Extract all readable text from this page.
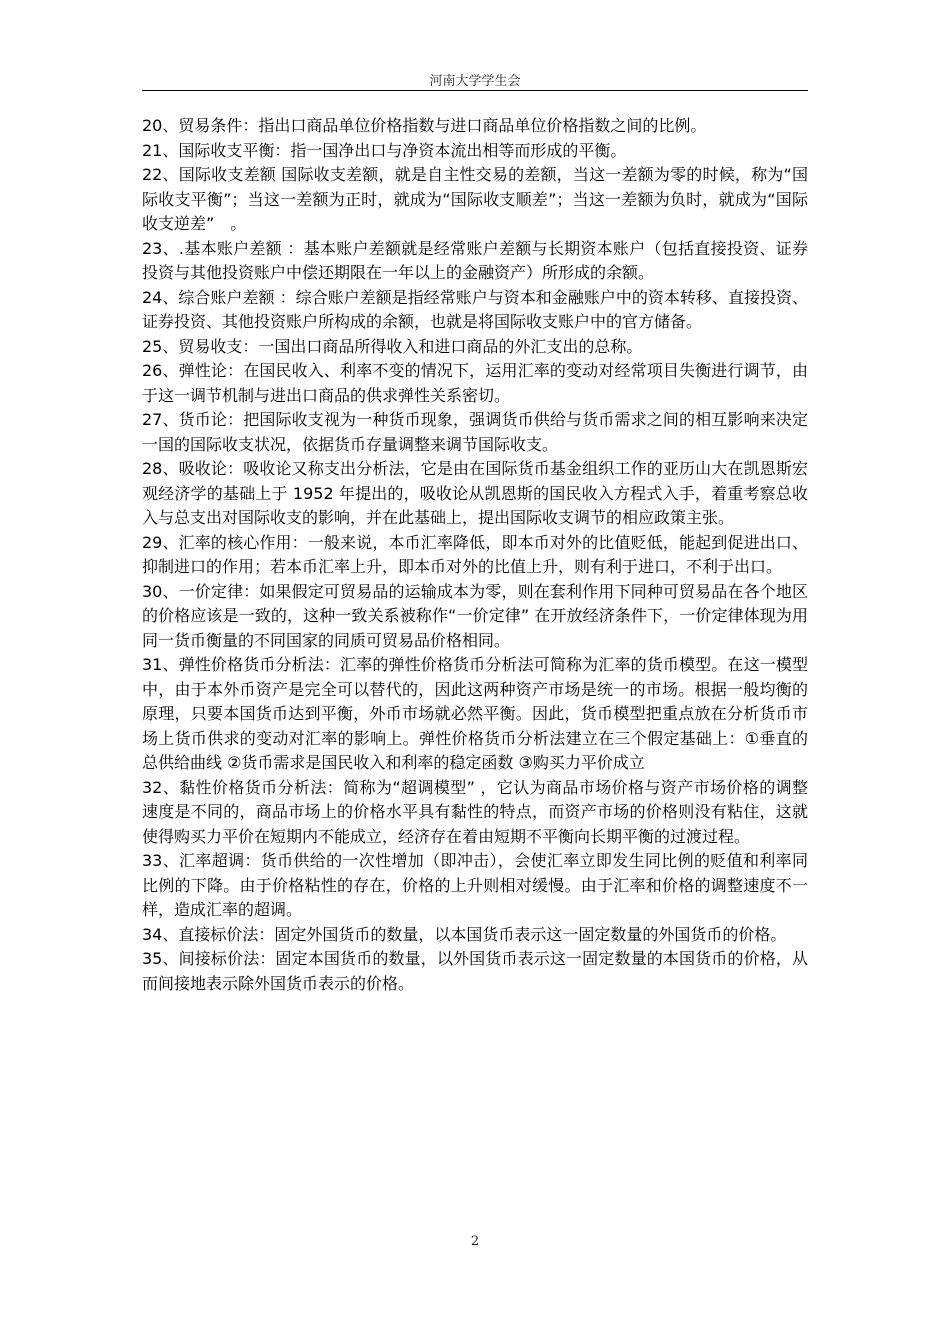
河南大学学生会

20、贸易条件：指出口商品单位价格指数与进口商品单位价格指数之间的比例。

21、国际收支平衡：指一国净出口与净资本流出相等而形成的平衡。

22、国际收支差额 国际收支差额，就是自主性交易的差额，当这一差额为零的时候，称为“国际收支平衡”；当这一差额为正时，就成为“国际收支顺差”；当这一差额为负时，就成为“国际收支逆差”　。

23、.基本账户差额 ：基本账户差额就是经常账户差额与长期资本账户（包括直接投资、证券投资与其他投资账户中偿还期限在一年以上的金融资产）所形成的余额。

24、综合账户差额 ：综合账户差额是指经常账户与资本和金融账户中的资本转移、直接投资、证券投资、其他投资账户所构成的余额，也就是将国际收支账户中的官方储备。

25、贸易收支：一国出口商品所得收入和进口商品的外汇支出的总称。

26、弹性论：在国民收入、利率不变的情况下，运用汇率的变动对经常项目失衡进行调节，由于这一调节机制与进出口商品的供求弹性关系密切。

27、货币论：把国际收支视为一种货币现象，强调货币供给与货币需求之间的相互影响来决定一国的国际收支状况，依据货币存量调整来调节国际收支。

28、吸收论：吸收论又称支出分析法，它是由在国际货币基金组织工作的亚历山大在凯恩斯宏观经济学的基础上于 1952 年提出的，吸收论从凯恩斯的国民收入方程式入手，着重考察总收入与总支出对国际收支的影响，并在此基础上，提出国际收支调节的相应政策主张。

29、汇率的核心作用：一般来说，本币汇率降低，即本币对外的比值贬低，能起到促进出口、抑制进口的作用；若本币汇率上升，即本币对外的比值上升，则有利于进口，不利于出口。

30、一价定律：如果假定可贸易品的运输成本为零，则在套利作用下同种可贸易品在各个地区的价格应该是一致的，这种一致关系被称作“一价定律” 在开放经济条件下，一价定律体现为用同一货币衡量的不同国家的同质可贸易品价格相同。

31、弹性价格货币分析法：汇率的弹性价格货币分析法可简称为汇率的货币模型。在这一模型中，由于本外币资产是完全可以替代的，因此这两种资产市场是统一的市场。根据一般均衡的原理，只要本国货币达到平衡，外币市场就必然平衡。因此，货币模型把重点放在分析货币市场上货币供求的变动对汇率的影响上。弹性价格货币分析法建立在三个假定基础上：①垂直的总供给曲线 ②货币需求是国民收入和利率的稳定函数 ③购买力平价成立

32、黏性价格货币分析法：简称为“超调模型” ，它认为商品市场价格与资产市场价格的调整速度是不同的，商品市场上的价格水平具有黏性的特点，而资产市场的价格则没有粘住，这就使得购买力平价在短期内不能成立，经济存在着由短期不平衡向长期平衡的过渡过程。

33、汇率超调：货币供给的一次性增加（即冲击），会使汇率立即发生同比例的贬值和利率同比例的下降。由于价格粘性的存在，价格的上升则相对缓慢。由于汇率和价格的调整速度不一样，造成汇率的超调。

34、直接标价法：固定外国货币的数量，以本国货币表示这一固定数量的外国货币的价格。

35、间接标价法：固定本国货币的数量，以外国货币表示这一固定数量的本国货币的价格，从而间接地表示除外国货币表示的价格。

2
